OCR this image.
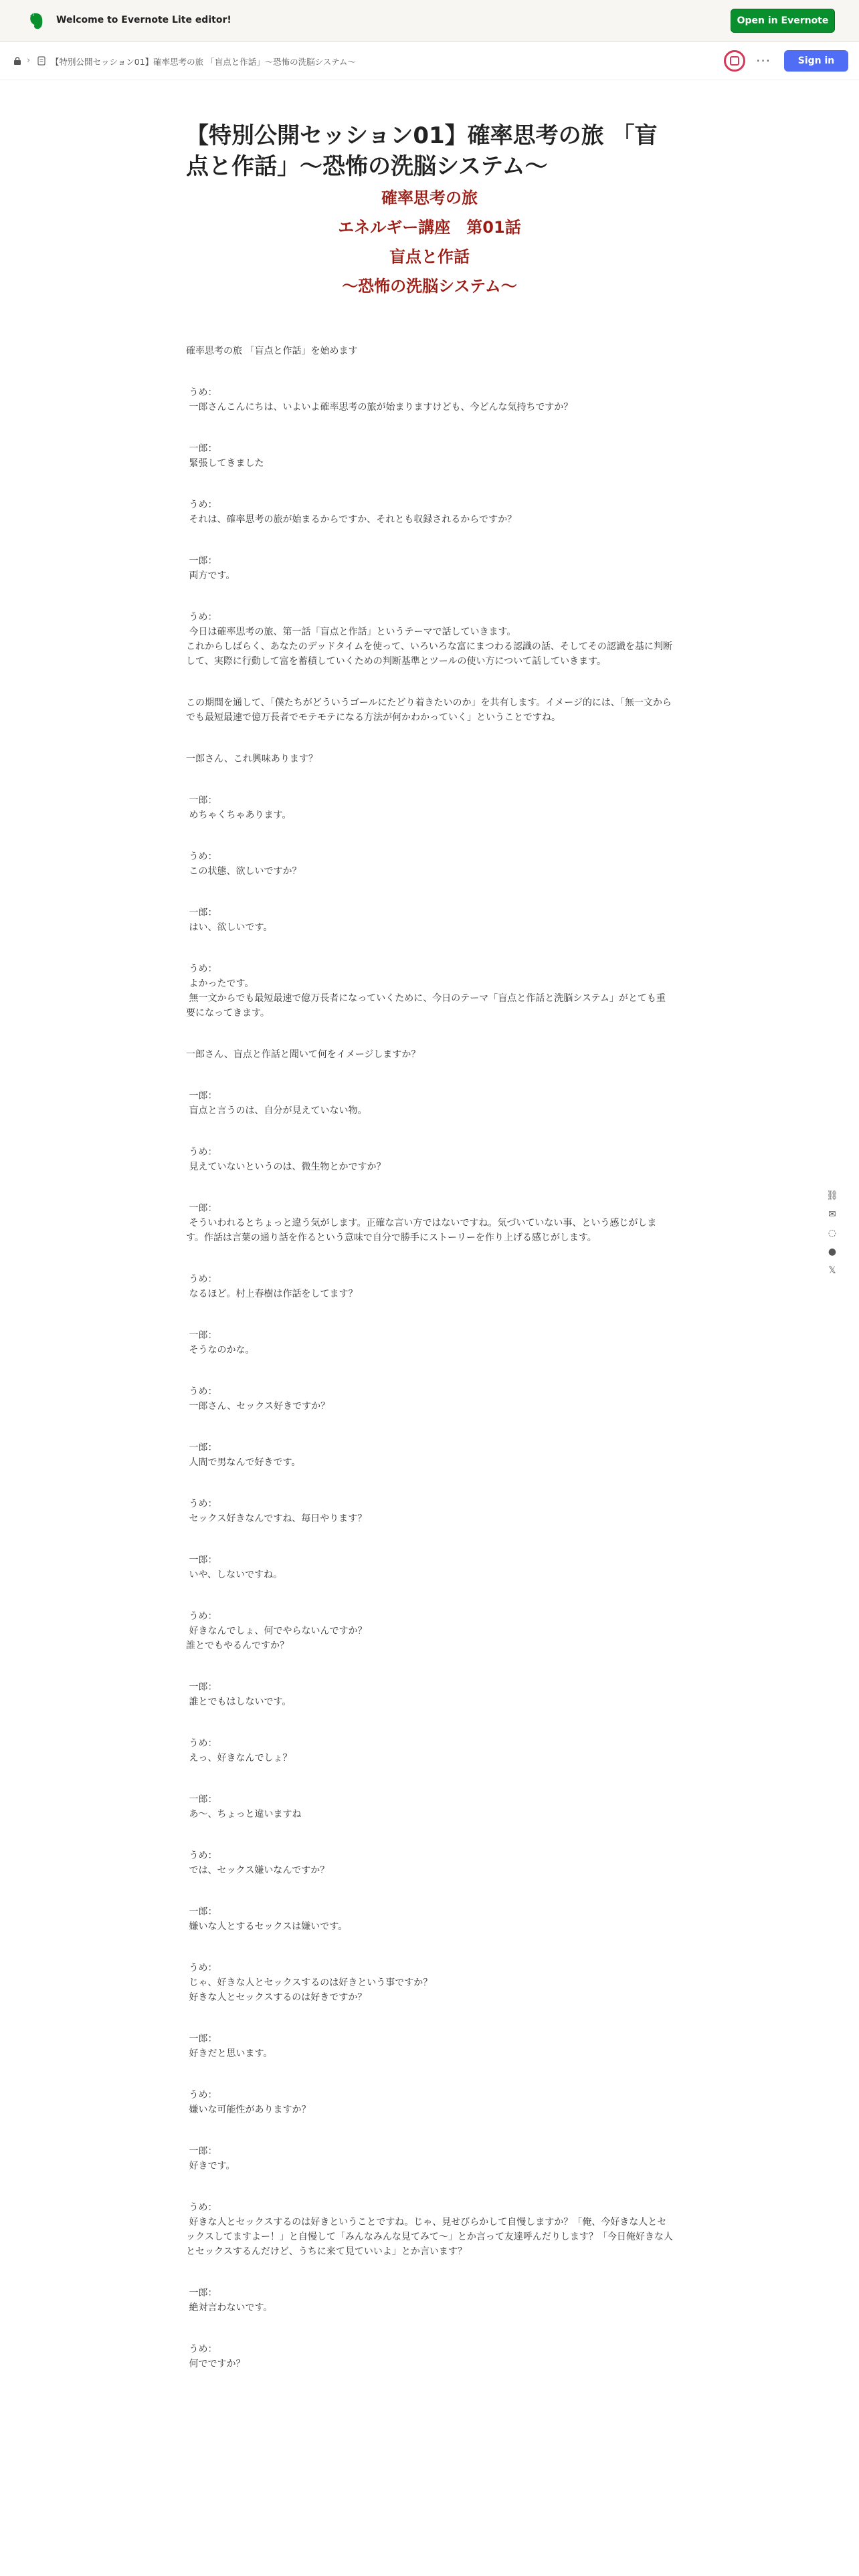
Welcome to Evernote Lite editor!	Open in Evernote
› 【特別公開セッション01】確率思考の旅 「盲点と作話」〜恐怖の洗脳システム〜	···	Sign in
【特別公開セッション01】確率思考の旅 「盲点と作話」〜恐怖の洗脳システム〜
確率思考の旅
エネルギー講座　第01話
盲点と作話
〜恐怖の洗脳システム〜
確率思考の旅 「盲点と作話」を始めます
うめ：
一郎さんこんにちは、いよいよ確率思考の旅が始まりますけども、今どんな気持ちですか？
一郎：
緊張してきました
うめ：
それは、確率思考の旅が始まるからですか、それとも収録されるからですか？
一郎：
両方です。
うめ：
今日は確率思考の旅、第一話「盲点と作話」というテーマで話していきます。
これからしばらく、あなたのデッドタイムを使って、いろいろな富にまつわる認識の話、そしてその認識を基に判断して、実際に行動して富を蓄積していくための判断基準とツールの使い方について話していきます。
この期間を通して、「僕たちがどういうゴールにたどり着きたいのか」を共有します。イメージ的には、「無一文からでも最短最速で億万長者でモテモテになる方法が何かわかっていく」ということですね。
一郎さん、これ興味あります？
一郎：
めちゃくちゃあります。
うめ：
この状態、欲しいですか？
一郎：
はい、欲しいです。
うめ：
よかったです。
無一文からでも最短最速で億万長者になっていくために、今日のテーマ「盲点と作話と洗脳システム」がとても重要になってきます。
一郎さん、盲点と作話と聞いて何をイメージしますか？
一郎：
盲点と言うのは、自分が見えていない物。
うめ：
見えていないというのは、微生物とかですか？
一郎：
そういわれるとちょっと違う気がします。正確な言い方ではないですね。気づいていない事、という感じがします。作話は言葉の通り話を作るという意味で自分で勝手にストーリーを作り上げる感じがします。
うめ：
なるほど。村上春樹は作話をしてます？
一郎：
そうなのかな。
うめ：
一郎さん、セックス好きですか？
一郎：
人間で男なんで好きです。
うめ：
セックス好きなんですね、毎日やります？
一郎：
いや、しないですね。
うめ：
好きなんでしょ、何でやらないんですか？
誰とでもやるんですか？
一郎：
誰とでもはしないです。
うめ：
えっ、好きなんでしょ？
一郎：
あ〜、ちょっと違いますね
うめ：
では、セックス嫌いなんですか？
一郎：
嫌いな人とするセックスは嫌いです。
うめ：
じゃ、好きな人とセックスするのは好きという事ですか？
好きな人とセックスするのは好きですか？
一郎：
好きだと思います。
うめ：
嫌いな可能性がありますか？
一郎：
好きです。
うめ：
好きな人とセックスするのは好きということですね。じゃ、見せびらかして自慢しますか？「俺、今好きな人とセックスしてますよー！」と自慢して「みんなみんな見てみて〜」とか言って友達呼んだりします？「今日俺好きな人とセックスするんだけど、うちに来て見ていいよ」とか言います？
一郎：
絶対言わないです。
うめ：
何でですか？
⛓
✉
◌
●
𝕏
